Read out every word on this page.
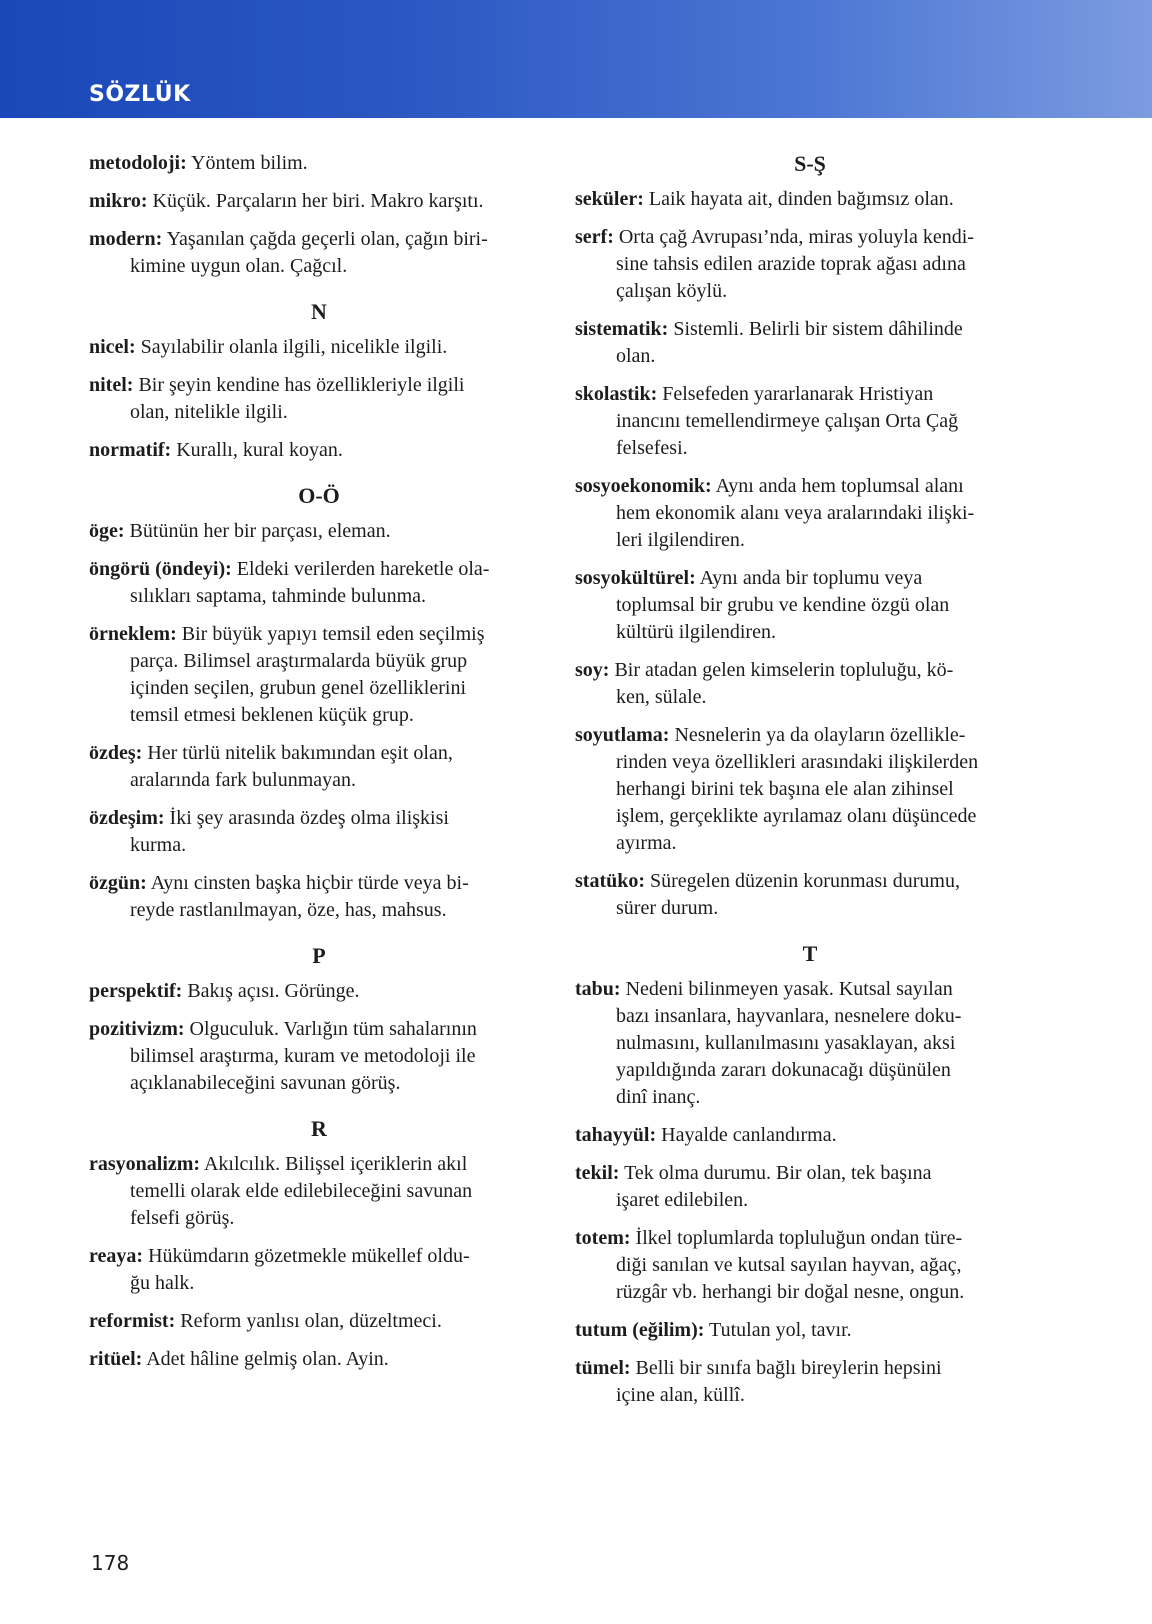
SÖZLÜK
metodoloji: Yöntem bilim.
mikro: Küçük. Parçaların her biri. Makro karşıtı.
modern: Yaşanılan çağda geçerli olan, çağın biri-
kimine uygun olan. Çağcıl.
N
nicel: Sayılabilir olanla ilgili, nicelikle ilgili.
nitel: Bir şeyin kendine has özellikleriyle ilgili
olan, nitelikle ilgili.
normatif: Kurallı, kural koyan.
O-Ö
öge: Bütünün her bir parçası, eleman.
öngörü (öndeyi): Eldeki verilerden hareketle ola-
sılıkları saptama, tahminde bulunma.
örneklem: Bir büyük yapıyı temsil eden seçilmiş
parça. Bilimsel araştırmalarda büyük grup
içinden seçilen, grubun genel özelliklerini
temsil etmesi beklenen küçük grup.
özdeş: Her türlü nitelik bakımından eşit olan,
aralarında fark bulunmayan.
özdeşim: İki şey arasında özdeş olma ilişkisi
kurma.
özgün: Aynı cinsten başka hiçbir türde veya bi-
reyde rastlanılmayan, öze, has, mahsus.
P
perspektif: Bakış açısı. Görünge.
pozitivizm: Olguculuk. Varlığın tüm sahalarının
bilimsel araştırma, kuram ve metodoloji ile
açıklanabileceğini savunan görüş.
R
rasyonalizm: Akılcılık. Bilişsel içeriklerin akıl
temelli olarak elde edilebileceğini savunan
felsefi görüş.
reaya: Hükümdarın gözetmekle mükellef oldu-
ğu halk.
reformist: Reform yanlısı olan, düzeltmeci.
ritüel: Adet hâline gelmiş olan. Ayin.
S-Ş
seküler: Laik hayata ait, dinden bağımsız olan.
serf: Orta çağ Avrupası’nda, miras yoluyla kendi-
sine tahsis edilen arazide toprak ağası adına
çalışan köylü.
sistematik: Sistemli. Belirli bir sistem dâhilinde
olan.
skolastik: Felsefeden yararlanarak Hristiyan
inancını temellendirmeye çalışan Orta Çağ
felsefesi.
sosyoekonomik: Aynı anda hem toplumsal alanı
hem ekonomik alanı veya aralarındaki ilişki-
leri ilgilendiren.
sosyokültürel: Aynı anda bir toplumu veya
toplumsal bir grubu ve kendine özgü olan
kültürü ilgilendiren.
soy: Bir atadan gelen kimselerin topluluğu, kö-
ken, sülale.
soyutlama: Nesnelerin ya da olayların özellikle-
rinden veya özellikleri arasındaki ilişkilerden
herhangi birini tek başına ele alan zihinsel
işlem, gerçeklikte ayrılamaz olanı düşüncede
ayırma.
statüko: Süregelen düzenin korunması durumu,
sürer durum.
T
tabu: Nedeni bilinmeyen yasak. Kutsal sayılan
bazı insanlara, hayvanlara, nesnelere doku-
nulmasını, kullanılmasını yasaklayan, aksi
yapıldığında zararı dokunacağı düşünülen
dinî inanç.
tahayyül: Hayalde canlandırma.
tekil: Tek olma durumu. Bir olan, tek başına
işaret edilebilen.
totem: İlkel toplumlarda topluluğun ondan türe-
diği sanılan ve kutsal sayılan hayvan, ağaç,
rüzgâr vb. herhangi bir doğal nesne, ongun.
tutum (eğilim): Tutulan yol, tavır.
tümel: Belli bir sınıfa bağlı bireylerin hepsini
içine alan, küllî.
178
